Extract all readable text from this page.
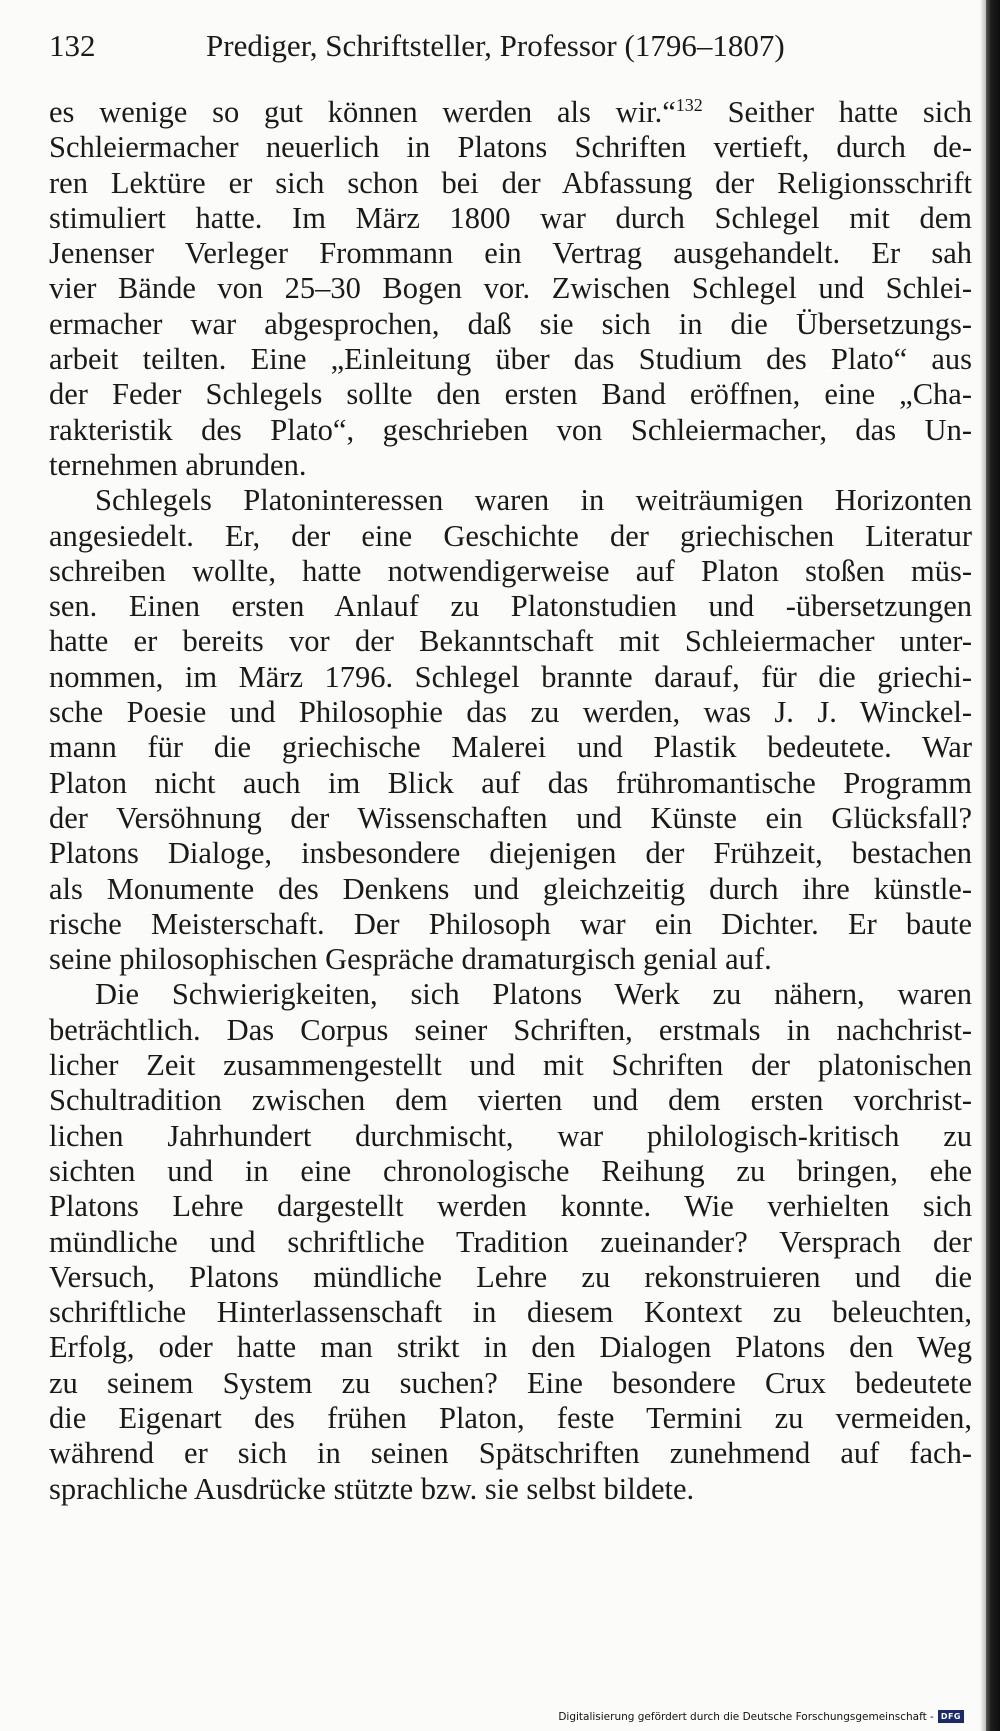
132	Prediger, Schriftsteller, Professor (1796–1807)
es wenige so gut können werden als wir.“$^{132}$ Seither hatte sich
Schleiermacher neuerlich in Platons Schriften vertieft, durch de-
ren Lektüre er sich schon bei der Abfassung der Religionsschrift
stimuliert hatte. Im März 1800 war durch Schlegel mit dem
Jenenser Verleger Frommann ein Vertrag ausgehandelt. Er sah
vier Bände von 25–30 Bogen vor. Zwischen Schlegel und Schlei-
ermacher war abgesprochen, daß sie sich in die Übersetzungs-
arbeit teilten. Eine „Einleitung über das Studium des Plato“ aus
der Feder Schlegels sollte den ersten Band eröffnen, eine „Cha-
rakteristik des Plato“, geschrieben von Schleiermacher, das Un-
ternehmen abrunden.
Schlegels Platoninteressen waren in weiträumigen Horizonten
angesiedelt. Er, der eine Geschichte der griechischen Literatur
schreiben wollte, hatte notwendigerweise auf Platon stoßen müs-
sen. Einen ersten Anlauf zu Platonstudien und -übersetzungen
hatte er bereits vor der Bekanntschaft mit Schleiermacher unter-
nommen, im März 1796. Schlegel brannte darauf, für die griechi-
sche Poesie und Philosophie das zu werden, was J. J. Winckel-
mann für die griechische Malerei und Plastik bedeutete. War
Platon nicht auch im Blick auf das frühromantische Programm
der Versöhnung der Wissenschaften und Künste ein Glücksfall?
Platons Dialoge, insbesondere diejenigen der Frühzeit, bestachen
als Monumente des Denkens und gleichzeitig durch ihre künstle-
rische Meisterschaft. Der Philosoph war ein Dichter. Er baute
seine philosophischen Gespräche dramaturgisch genial auf.
Die Schwierigkeiten, sich Platons Werk zu nähern, waren
beträchtlich. Das Corpus seiner Schriften, erstmals in nachchrist-
licher Zeit zusammengestellt und mit Schriften der platonischen
Schultradition zwischen dem vierten und dem ersten vorchrist-
lichen Jahrhundert durchmischt, war philologisch-kritisch zu
sichten und in eine chronologische Reihung zu bringen, ehe
Platons Lehre dargestellt werden konnte. Wie verhielten sich
mündliche und schriftliche Tradition zueinander? Versprach der
Versuch, Platons mündliche Lehre zu rekonstruieren und die
schriftliche Hinterlassenschaft in diesem Kontext zu beleuchten,
Erfolg, oder hatte man strikt in den Dialogen Platons den Weg
zu seinem System zu suchen? Eine besondere Crux bedeutete
die Eigenart des frühen Platon, feste Termini zu vermeiden,
während er sich in seinen Spätschriften zunehmend auf fach-
sprachliche Ausdrücke stützte bzw. sie selbst bildete.
Digitalisierung gefördert durch die Deutsche Forschungsgemeinschaft - DFG
